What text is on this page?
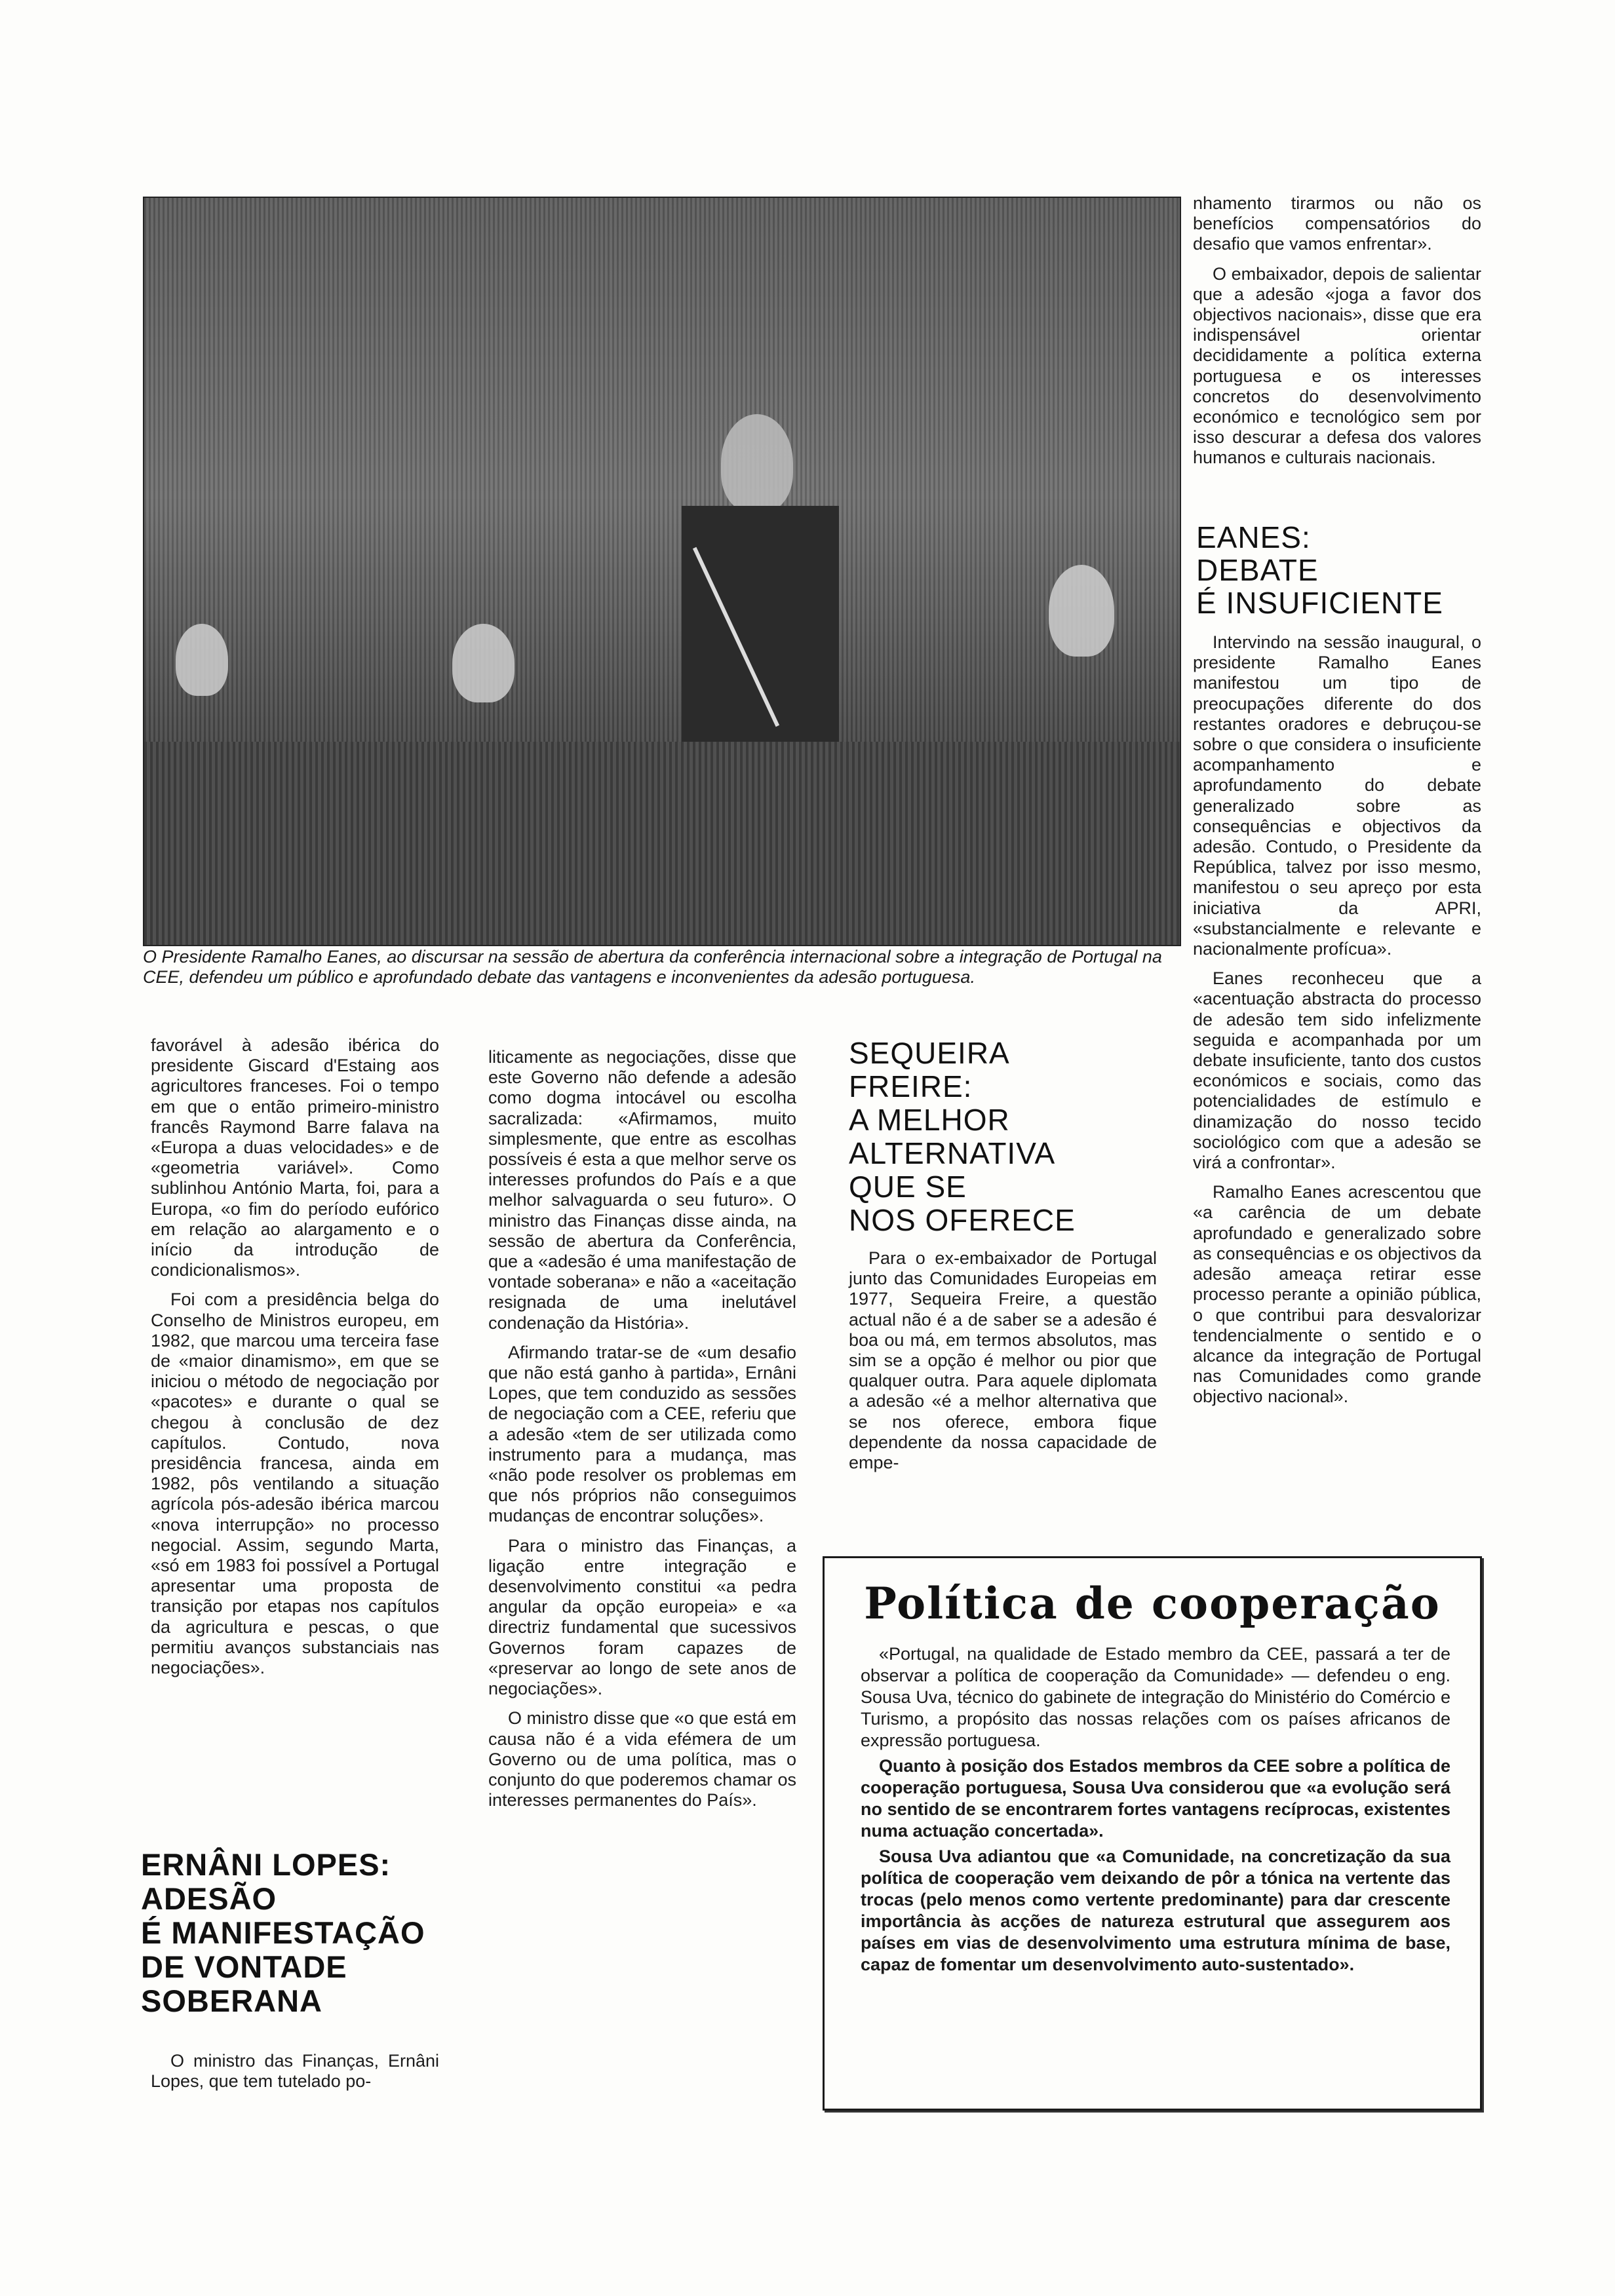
O Presidente Ramalho Eanes, ao discursar na sessão de abertura da conferência internacional sobre a integração de Portugal na CEE, defendeu um público e aprofundado debate das vantagens e inconvenientes da adesão portuguesa.

favorável à adesão ibérica do presidente Giscard d'Estaing aos agricultores franceses. Foi o tempo em que o então primeiro-ministro francês Raymond Barre falava na «Europa a duas velocidades» e de «geometria variável». Como sublinhou António Marta, foi, para a Europa, «o fim do período eufórico em relação ao alargamento e o início da introdução de condicionalismos».

Foi com a presidência belga do Conselho de Ministros europeu, em 1982, que marcou uma terceira fase de «maior dinamismo», em que se iniciou o método de negociação por «pacotes» e durante o qual se chegou à conclusão de dez capítulos. Contudo, nova presidência francesa, ainda em 1982, pôs ventilando a situação agrícola pós-adesão ibérica marcou «nova interrupção» no processo negocial. Assim, segundo Marta, «só em 1983 foi possível a Portugal apresentar uma proposta de transição por etapas nos capítulos da agricultura e pescas, o que permitiu avanços substanciais nas negociações».

ERNÂNI LOPES:
ADESÃO
É MANIFESTAÇÃO
DE VONTADE
SOBERANA

O ministro das Finanças, Ernâni Lopes, que tem tutelado po-

liticamente as negociações, disse que este Governo não defende a adesão como dogma intocável ou escolha sacralizada: «Afirmamos, muito simplesmente, que entre as escolhas possíveis é esta a que melhor serve os interesses profundos do País e a que melhor salvaguarda o seu futuro». O ministro das Finanças disse ainda, na sessão de abertura da Conferência, que a «adesão é uma manifestação de vontade soberana» e não a «aceitação resignada de uma inelutável condenação da História».

Afirmando tratar-se de «um desafio que não está ganho à partida», Ernâni Lopes, que tem conduzido as sessões de negociação com a CEE, referiu que a adesão «tem de ser utilizada como instrumento para a mudança, mas «não pode resolver os problemas em que nós próprios não conseguimos mudanças de encontrar soluções».

Para o ministro das Finanças, a ligação entre integração e desenvolvimento constitui «a pedra angular da opção europeia» e «a directriz fundamental que sucessivos Governos foram capazes de «preservar ao longo de sete anos de negociações».

O ministro disse que «o que está em causa não é a vida efémera de um Governo ou de uma política, mas o conjunto do que poderemos chamar os interesses permanentes do País».

SEQUEIRA
FREIRE:
A MELHOR
ALTERNATIVA
QUE SE
NOS OFERECE

Para o ex-embaixador de Portugal junto das Comunidades Europeias em 1977, Sequeira Freire, a questão actual não é a de saber se a adesão é boa ou má, em termos absolutos, mas sim se a opção é melhor ou pior que qualquer outra. Para aquele diplomata a adesão «é a melhor alternativa que se nos oferece, embora fique dependente da nossa capacidade de empe-

nhamento tirarmos ou não os benefícios compensatórios do desafio que vamos enfrentar».

O embaixador, depois de salientar que a adesão «joga a favor dos objectivos nacionais», disse que era indispensável orientar decididamente a política externa portuguesa e os interesses concretos do desenvolvimento económico e tecnológico sem por isso descurar a defesa dos valores humanos e culturais nacionais.

EANES:
DEBATE
É INSUFICIENTE

Intervindo na sessão inaugural, o presidente Ramalho Eanes manifestou um tipo de preocupações diferente do dos restantes oradores e debruçou-se sobre o que considera o insuficiente acompanhamento e aprofundamento do debate generalizado sobre as consequências e objectivos da adesão. Contudo, o Presidente da República, talvez por isso mesmo, manifestou o seu apreço por esta iniciativa da APRI, «substancialmente e relevante e nacionalmente profícua».

Eanes reconheceu que a «acentuação abstracta do processo de adesão tem sido infelizmente seguida e acompanhada por um debate insuficiente, tanto dos custos económicos e sociais, como das potencialidades de estímulo e dinamização do nosso tecido sociológico com que a adesão se virá a confrontar».

Ramalho Eanes acrescentou que «a carência de um debate aprofundado e generalizado sobre as consequências e os objectivos da adesão ameaça retirar esse processo perante a opinião pública, o que contribui para desvalorizar tendencialmente o sentido e o alcance da integração de Portugal nas Comunidades como grande objectivo nacional».

Política de cooperação

«Portugal, na qualidade de Estado membro da CEE, passará a ter de observar a política de cooperação da Comunidade» — defendeu o eng. Sousa Uva, técnico do gabinete de integração do Ministério do Comércio e Turismo, a propósito das nossas relações com os países africanos de expressão portuguesa.

Quanto à posição dos Estados membros da CEE sobre a política de cooperação portuguesa, Sousa Uva considerou que «a evolução será no sentido de se encontrarem fortes vantagens recíprocas, existentes numa actuação concertada».

Sousa Uva adiantou que «a Comunidade, na concretização da sua política de cooperação vem deixando de pôr a tónica na vertente das trocas (pelo menos como vertente predominante) para dar crescente importância às acções de natureza estrutural que assegurem aos países em vias de desenvolvimento uma estrutura mínima de base, capaz de fomentar um desenvolvimento auto-sustentado».
